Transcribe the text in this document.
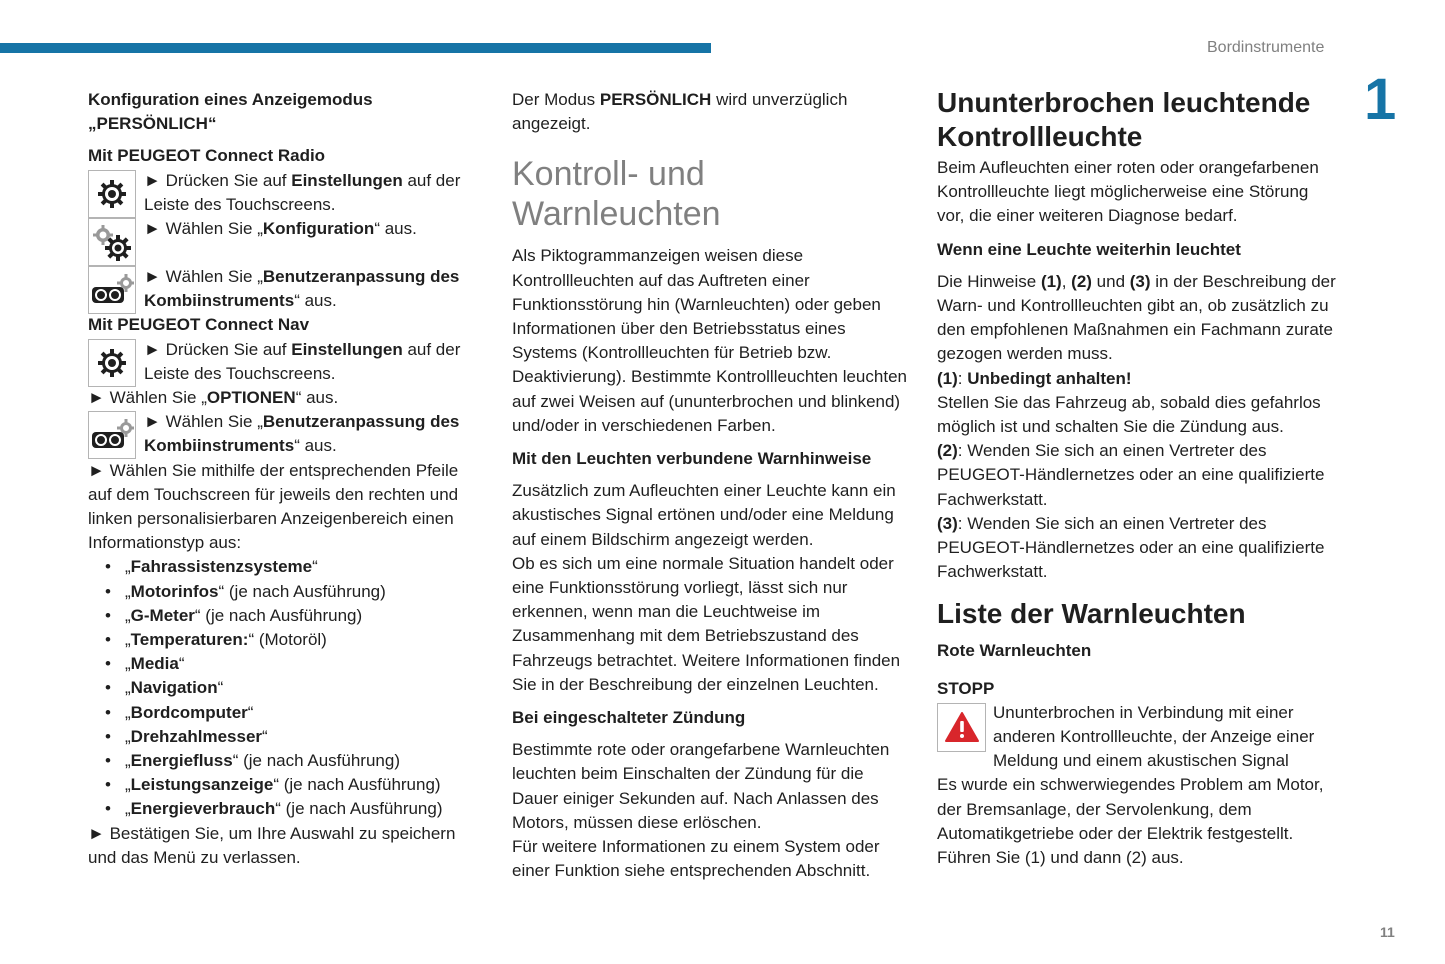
Bordinstrumente
1
11
Konfiguration eines Anzeigemodus
„PERSÖNLICH“
Mit PEUGEOT Connect Radio
► Drücken Sie auf Einstellungen auf der Leiste des Touchscreens.
► Wählen Sie „Konfiguration“ aus.
► Wählen Sie „Benutzeranpassung des Kombiinstruments“ aus.
Mit PEUGEOT Connect Nav
► Drücken Sie auf Einstellungen auf der Leiste des Touchscreens.
► Wählen Sie „OPTIONEN“ aus.
► Wählen Sie „Benutzeranpassung des Kombiinstruments“ aus.
► Wählen Sie mithilfe der entsprechenden Pfeile auf dem Touchscreen für jeweils den rechten und linken personalisierbaren Anzeigenbereich einen Informationstyp aus:
• „Fahrassistenzsysteme“
• „Motorinfos“ (je nach Ausführung)
• „G-Meter“ (je nach Ausführung)
• „Temperaturen:“ (Motoröl)
• „Media“
• „Navigation“
• „Bordcomputer“
• „Drehzahlmesser“
• „Energiefluss“ (je nach Ausführung)
• „Leistungsanzeige“ (je nach Ausführung)
• „Energieverbrauch“ (je nach Ausführung)
► Bestätigen Sie, um Ihre Auswahl zu speichern und das Menü zu verlassen.
Der Modus PERSÖNLICH wird unverzüglich angezeigt.
Kontroll- und Warnleuchten
Als Piktogrammanzeigen weisen diese Kontrollleuchten auf das Auftreten einer Funktionsstörung hin (Warnleuchten) oder geben Informationen über den Betriebsstatus eines Systems (Kontrollleuchten für Betrieb bzw. Deaktivierung). Bestimmte Kontrollleuchten leuchten auf zwei Weisen auf (ununterbrochen und blinkend) und/oder in verschiedenen Farben.
Mit den Leuchten verbundene Warnhinweise
Zusätzlich zum Aufleuchten einer Leuchte kann ein akustisches Signal ertönen und/oder eine Meldung auf einem Bildschirm angezeigt werden.
Ob es sich um eine normale Situation handelt oder eine Funktionsstörung vorliegt, lässt sich nur erkennen, wenn man die Leuchtweise im Zusammenhang mit dem Betriebszustand des Fahrzeugs betrachtet. Weitere Informationen finden Sie in der Beschreibung der einzelnen Leuchten.
Bei eingeschalteter Zündung
Bestimmte rote oder orangefarbene Warnleuchten leuchten beim Einschalten der Zündung für die Dauer einiger Sekunden auf. Nach Anlassen des Motors, müssen diese erlöschen.
Für weitere Informationen zu einem System oder einer Funktion siehe entsprechenden Abschnitt.
Ununterbrochen leuchtende Kontrollleuchte
Beim Aufleuchten einer roten oder orangefarbenen Kontrollleuchte liegt möglicherweise eine Störung vor, die einer weiteren Diagnose bedarf.
Wenn eine Leuchte weiterhin leuchtet
Die Hinweise (1), (2) und (3) in der Beschreibung der Warn- und Kontrollleuchten gibt an, ob zusätzlich zu den empfohlenen Maßnahmen ein Fachmann zurate gezogen werden muss.
(1): Unbedingt anhalten!
Stellen Sie das Fahrzeug ab, sobald dies gefahrlos möglich ist und schalten Sie die Zündung aus.
(2): Wenden Sie sich an einen Vertreter des PEUGEOT-Händlernetzes oder an eine qualifizierte Fachwerkstatt.
(3): Wenden Sie sich an einen Vertreter des PEUGEOT-Händlernetzes oder an eine qualifizierte Fachwerkstatt.
Liste der Warnleuchten
Rote Warnleuchten
STOPP
Ununterbrochen in Verbindung mit einer anderen Kontrollleuchte, der Anzeige einer Meldung und einem akustischen Signal
Es wurde ein schwerwiegendes Problem am Motor, der Bremsanlage, der Servolenkung, dem Automatikgetriebe oder der Elektrik festgestellt.
Führen Sie (1) und dann (2) aus.
